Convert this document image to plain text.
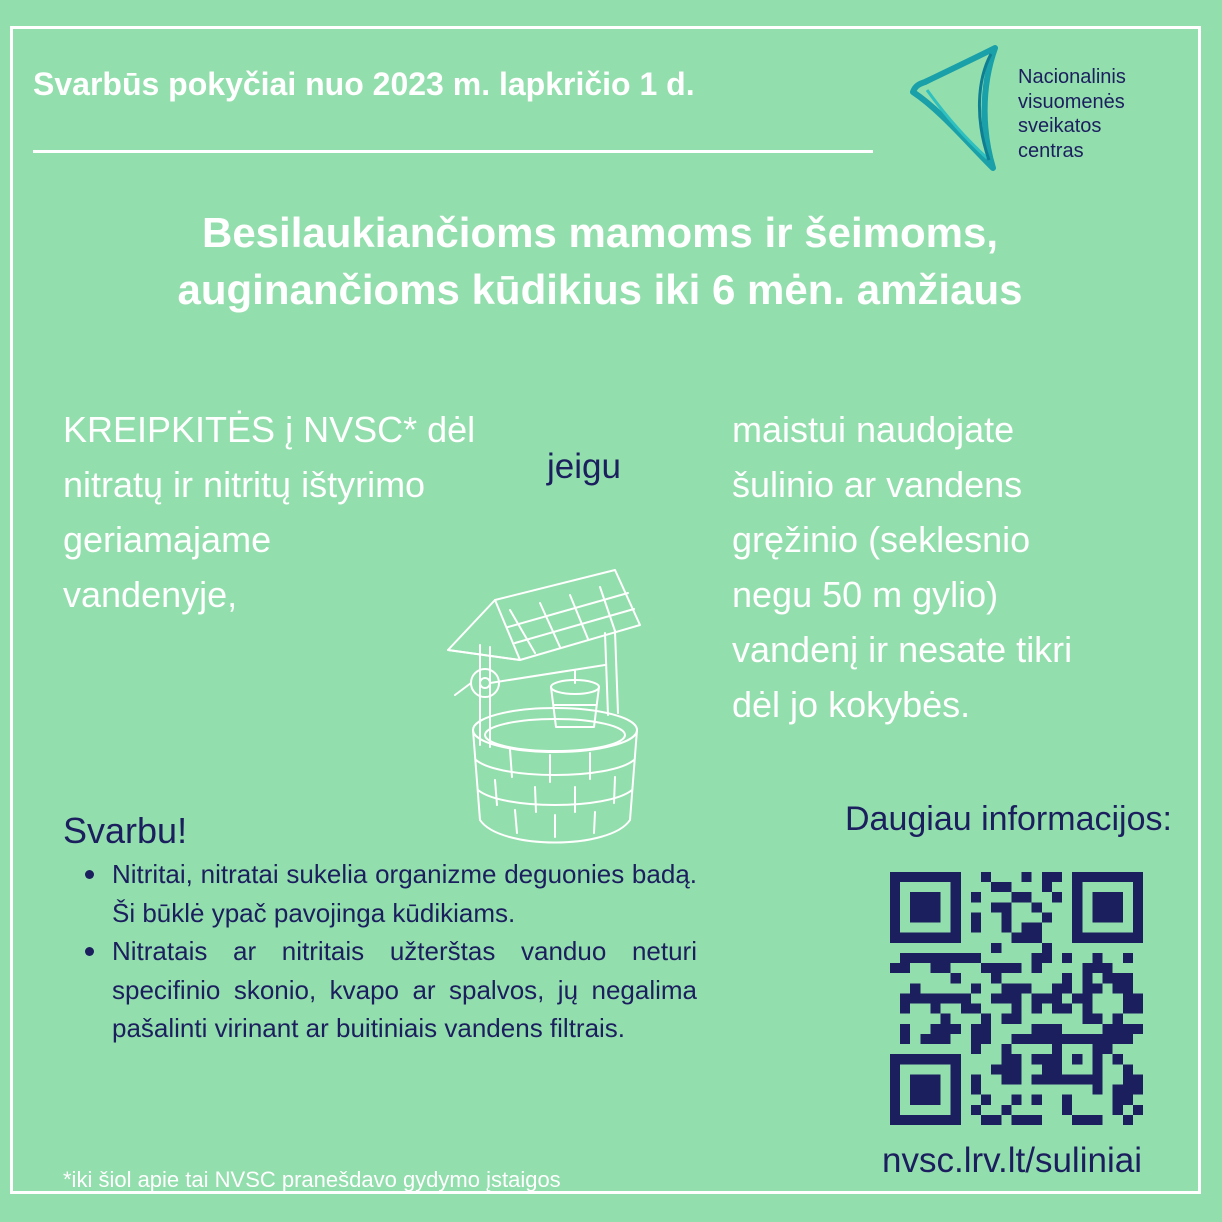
Svarbūs pokyčiai nuo 2023 m. lapkričio 1 d.	Nacionalinis
visuomenės
sveikatos
centras
Besilaukiančioms mamoms ir šeimoms,
auginančioms kūdikius iki 6 mėn. amžiaus
KREIPKITĖS į NVSC* dėl
nitratų ir nitritų ištyrimo
geriamajame
vandenyje,
jeigu
maistui naudojate
šulinio ar vandens
gręžinio (seklesnio
negu 50 m gylio)
vandenį ir nesate tikri
dėl jo kokybės.
Svarbu!
Nitritai, nitratai sukelia organizme deguonies badą. Ši būklė ypač pavojinga kūdikiams.
Nitratais ar nitritais užterštas vanduo neturi specifinio skonio, kvapo ar spalvos, jų negalima pašalinti virinant ar buitiniais vandens filtrais.
*iki šiol apie tai NVSC pranešdavo gydymo įstaigos
Daugiau informacijos:
nvsc.lrv.lt/suliniai
